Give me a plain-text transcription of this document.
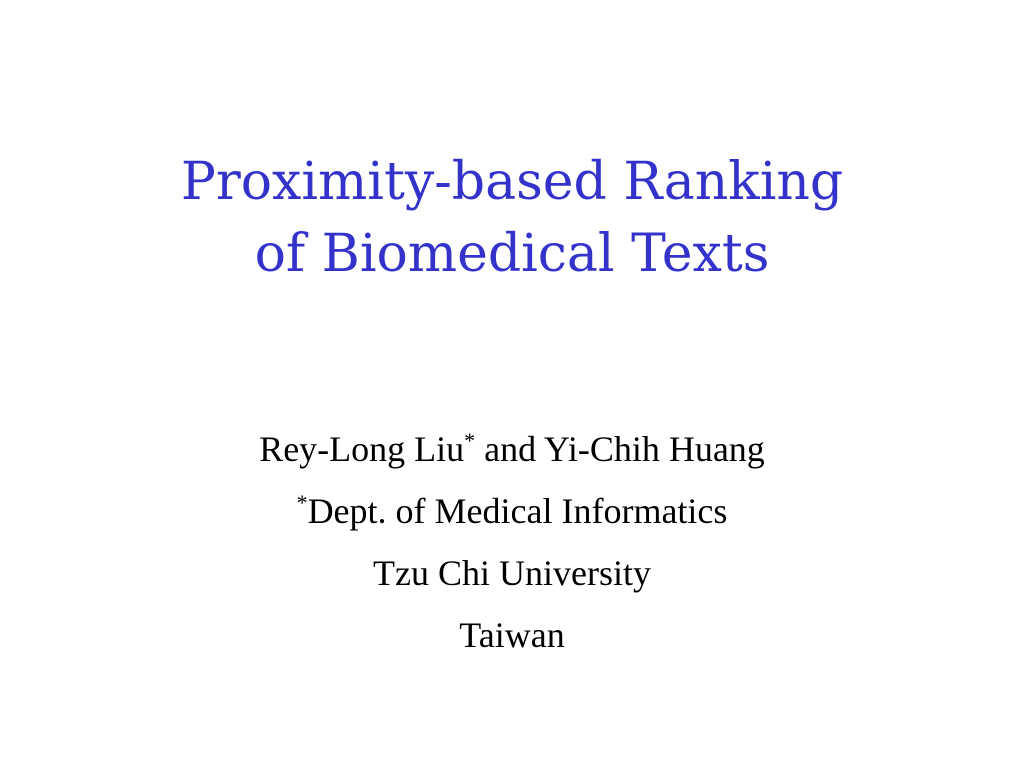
Proximity-based Ranking
of Biomedical Texts
Rey-Long Liu* and Yi-Chih Huang
*Dept. of Medical Informatics
Tzu Chi University
Taiwan
